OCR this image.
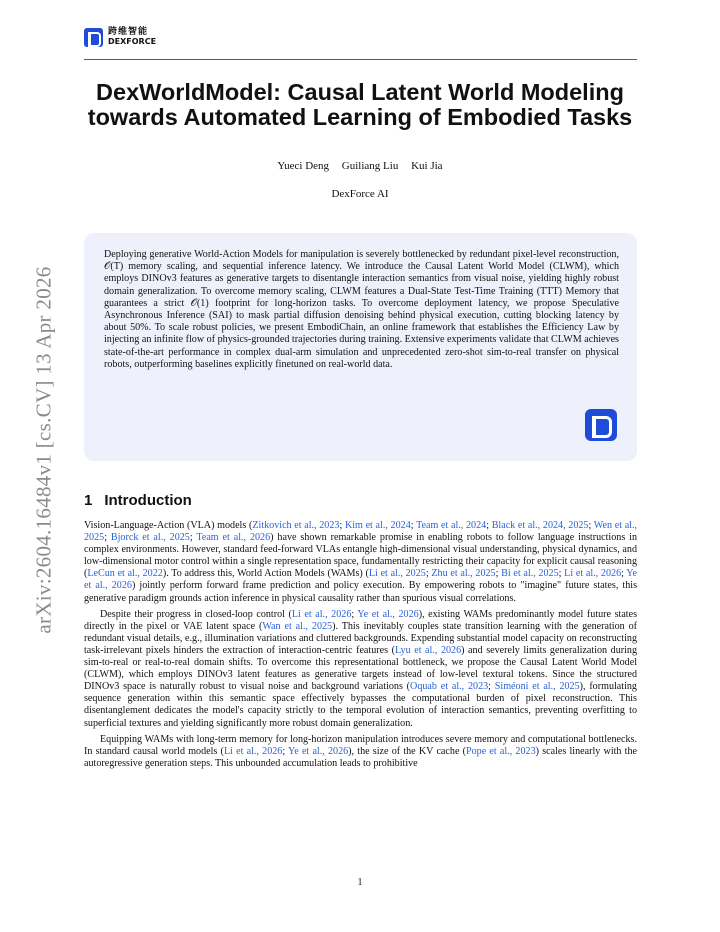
跨维智能
DEXFORCE
arXiv:2604.16484v1 [cs.CV] 13 Apr 2026
DexWorldModel: Causal Latent World Modeling
towards Automated Learning of Embodied Tasks
Yueci Deng Guiliang Liu Kui Jia
DexForce AI
Deploying generative World-Action Models for manipulation is severely bottlenecked by redundant pixel-level reconstruction, 𝒪(T) memory scaling, and sequential inference latency. We introduce the Causal Latent World Model (CLWM), which employs DINOv3 features as generative targets to disentangle interaction semantics from visual noise, yielding highly robust domain generalization. To overcome memory scaling, CLWM features a Dual-State Test-Time Training (TTT) Memory that guarantees a strict 𝒪(1) footprint for long-horizon tasks. To overcome deployment latency, we propose Speculative Asynchronous Inference (SAI) to mask partial diffusion denoising behind physical execution, cutting blocking latency by about 50%. To scale robust policies, we present EmbodiChain, an online framework that establishes the Efficiency Law by injecting an infinite flow of physics-grounded trajectories during training. Extensive experiments validate that CLWM achieves state-of-the-art performance in complex dual-arm simulation and unprecedented zero-shot sim-to-real transfer on physical robots, outperforming baselines explicitly finetuned on real-world data.
1 Introduction

Vision-Language-Action (VLA) models (Zitkovich et al., 2023; Kim et al., 2024; Team et al., 2024; Black et al., 2024, 2025; Wen et al., 2025; Bjorck et al., 2025; Team et al., 2026) have shown remarkable promise in enabling robots to follow language instructions in complex environments. However, standard feed-forward VLAs entangle high-dimensional visual understanding, physical dynamics, and low-dimensional motor control within a single representation space, fundamentally restricting their capacity for explicit causal reasoning (LeCun et al., 2022). To address this, World Action Models (WAMs) (Li et al., 2025; Zhu et al., 2025; Bi et al., 2025; Li et al., 2026; Ye et al., 2026) jointly perform forward frame prediction and policy execution. By empowering robots to "imagine" future states, this generative paradigm grounds action inference in physical causality rather than spurious visual correlations.

Despite their progress in closed-loop control (Li et al., 2026; Ye et al., 2026), existing WAMs predominantly model future states directly in the pixel or VAE latent space (Wan et al., 2025). This inevitably couples state transition learning with the generation of redundant visual details, e.g., illumination variations and cluttered backgrounds. Expending substantial model capacity on reconstructing task-irrelevant pixels hinders the extraction of interaction-centric features (Lyu et al., 2026) and severely limits generalization during sim-to-real or real-to-real domain shifts. To overcome this representational bottleneck, we propose the Causal Latent World Model (CLWM), which employs DINOv3 latent features as generative targets instead of low-level textural tokens. Since the structured DINOv3 space is naturally robust to visual noise and background variations (Oquab et al., 2023; Siméoni et al., 2025), formulating sequence generation within this semantic space effectively bypasses the computational burden of pixel reconstruction. This disentanglement dedicates the model's capacity strictly to the temporal evolution of interaction semantics, preventing overfitting to superficial textures and yielding significantly more robust domain generalization.

Equipping WAMs with long-term memory for long-horizon manipulation introduces severe memory and computational bottlenecks. In standard causal world models (Li et al., 2026; Ye et al., 2026), the size of the KV cache (Pope et al., 2023) scales linearly with the autoregressive generation steps. This unbounded accumulation leads to prohibitive

1
